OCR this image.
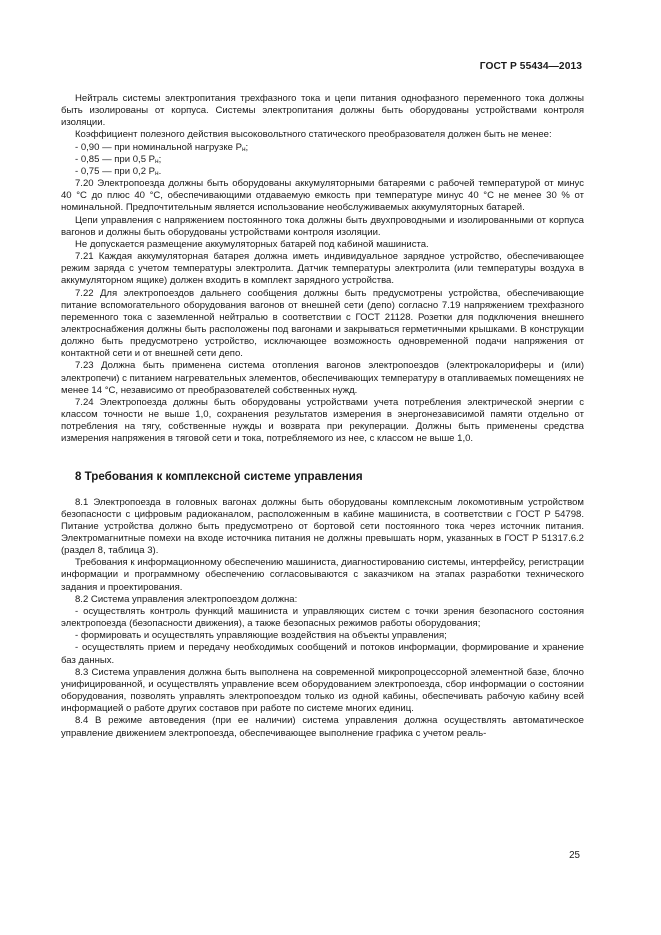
ГОСТ Р 55434—2013

Нейтраль системы электропитания трехфазного тока и цепи питания однофазного переменного тока должны быть изолированы от корпуса. Системы электропитания должны быть оборудованы устройствами контроля изоляции.

Коэффициент полезного действия высоковольтного статического преобразователя должен быть не менее:

- 0,90 — при номинальной нагрузке $P_н$;

- 0,85 — при 0,5 $P_н$;

- 0,75 — при 0,2 $P_н$.

7.20 Электропоезда должны быть оборудованы аккумуляторными батареями с рабочей температурой от минус 40 °С до плюс 40 °С, обеспечивающими отдаваемую емкость при температуре минус 40 °С не менее 30 % от номинальной. Предпочтительным является использование необслуживаемых аккумуляторных батарей.

Цепи управления с напряжением постоянного тока должны быть двухпроводными и изолированными от корпуса вагонов и должны быть оборудованы устройствами контроля изоляции.

Не допускается размещение аккумуляторных батарей под кабиной машиниста.

7.21 Каждая аккумуляторная батарея должна иметь индивидуальное зарядное устройство, обеспечивающее режим заряда с учетом температуры электролита. Датчик температуры электролита (или температуры воздуха в аккумуляторном ящике) должен входить в комплект зарядного устройства.

7.22 Для электропоездов дальнего сообщения должны быть предусмотрены устройства, обеспечивающие питание вспомогательного оборудования вагонов от внешней сети (депо) согласно 7.19 напряжением трехфазного переменного тока с заземленной нейтралью в соответствии с ГОСТ 21128. Розетки для подключения внешнего электроснабжения должны быть расположены под вагонами и закрываться герметичными крышками. В конструкции должно быть предусмотрено устройство, исключающее возможность одновременной подачи напряжения от контактной сети и от внешней сети депо.

7.23 Должна быть применена система отопления вагонов электропоездов (электрокалориферы и (или) электропечи) с питанием нагревательных элементов, обеспечивающих температуру в отапливаемых помещениях не менее 14 °С, независимо от преобразователей собственных нужд.

7.24 Электропоезда должны быть оборудованы устройствами учета потребления электрической энергии с классом точности не выше 1,0, сохранения результатов измерения в энергонезависимой памяти отдельно от потребления на тягу, собственные нужды и возврата при рекуперации. Должны быть применены средства измерения напряжения в тяговой сети и тока, потребляемого из нее, с классом не выше 1,0.

8 Требования к комплексной системе управления

8.1 Электропоезда в головных вагонах должны быть оборудованы комплексным локомотивным устройством безопасности с цифровым радиоканалом, расположенным в кабине машиниста, в соответствии с ГОСТ Р 54798. Питание устройства должно быть предусмотрено от бортовой сети постоянного тока через источник питания. Электромагнитные помехи на входе источника питания не должны превышать норм, указанных в ГОСТ Р 51317.6.2 (раздел 8, таблица 3).

Требования к информационному обеспечению машиниста, диагностированию системы, интерфейсу, регистрации информации и программному обеспечению согласовываются с заказчиком на этапах разработки технического задания и проектирования.

8.2 Система управления электропоездом должна:

- осуществлять контроль функций машиниста и управляющих систем с точки зрения безопасного состояния электропоезда (безопасности движения), а также безопасных режимов работы оборудования;

- формировать и осуществлять управляющие воздействия на объекты управления;

- осуществлять прием и передачу необходимых сообщений и потоков информации, формирование и хранение баз данных.

8.3 Система управления должна быть выполнена на современной микропроцессорной элементной базе, блочно унифицированной, и осуществлять управление всем оборудованием электропоезда, сбор информации о состоянии оборудования, позволять управлять электропоездом только из одной кабины, обеспечивать рабочую кабину всей информацией о работе других составов при работе по системе многих единиц.

8.4 В режиме автоведения (при ее наличии) система управления должна осуществлять автоматическое управление движением электропоезда, обеспечивающее выполнение графика с учетом реаль-

25
